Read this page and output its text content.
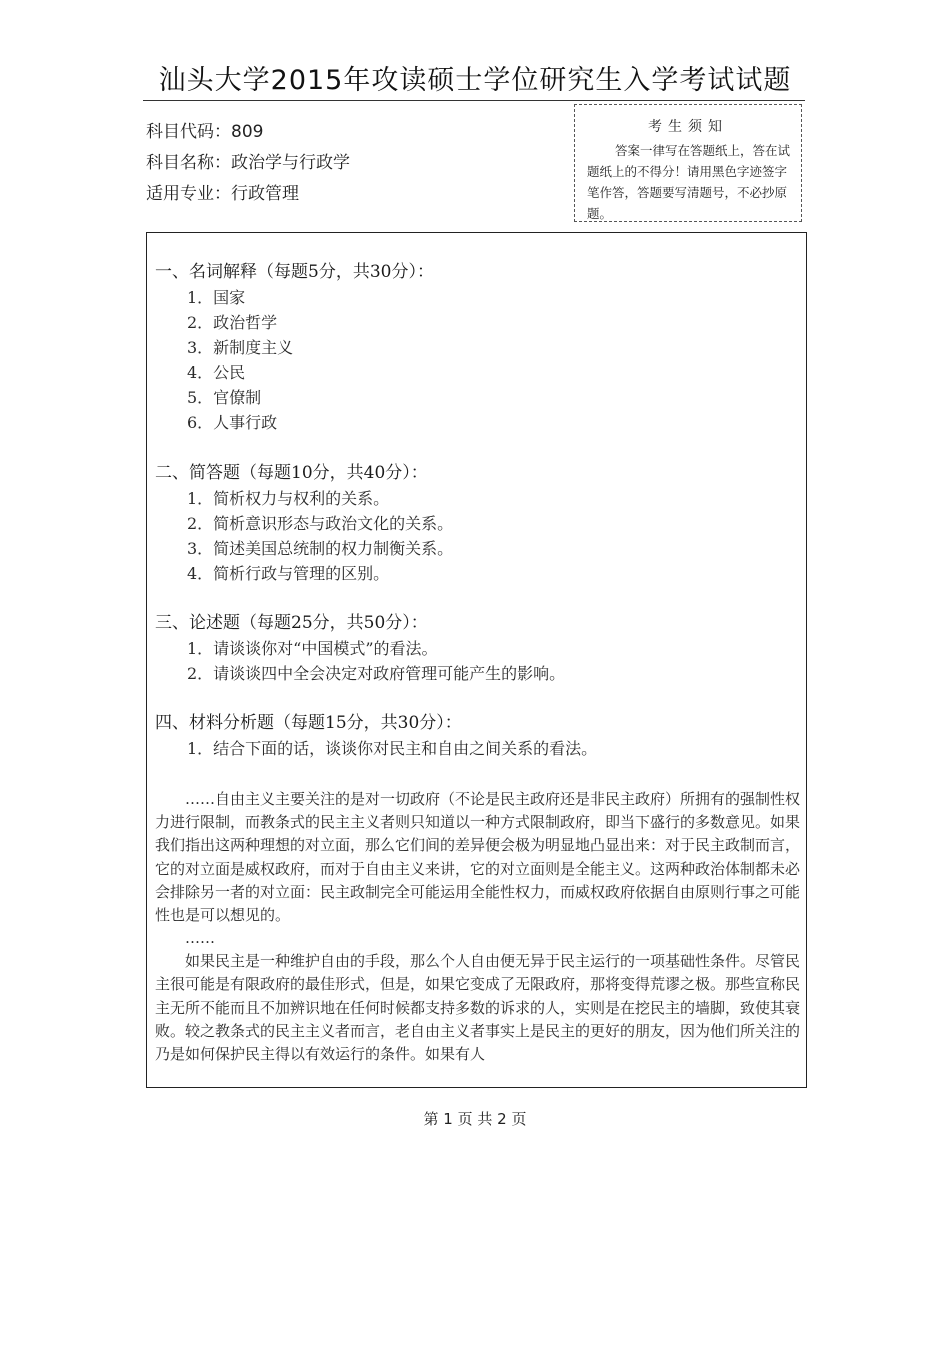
汕头大学2015年攻读硕士学位研究生入学考试试题
科目代码：809
科目名称：政治学与行政学
适用专业：行政管理
考生须知
答案一律写在答题纸上，答在试题纸上的不得分！请用黑色字迹签字笔作答，答题要写清题号，不必抄原题。
一、名词解释（每题5分，共30分）：
1．国家
2．政治哲学
3．新制度主义
4．公民
5．官僚制
6．人事行政
二、简答题（每题10分，共40分）：
1．简析权力与权利的关系。
2．简析意识形态与政治文化的关系。
3．简述美国总统制的权力制衡关系。
4．简析行政与管理的区别。
三、论述题（每题25分，共50分）：
1．请谈谈你对“中国模式”的看法。
2．请谈谈四中全会决定对政府管理可能产生的影响。
四、材料分析题（每题15分，共30分）：
1．结合下面的话，谈谈你对民主和自由之间关系的看法。

……自由主义主要关注的是对一切政府（不论是民主政府还是非民主政府）所拥有的强制性权力进行限制，而教条式的民主主义者则只知道以一种方式限制政府，即当下盛行的多数意见。如果我们指出这两种理想的对立面，那么它们间的差异便会极为明显地凸显出来：对于民主政制而言，它的对立面是威权政府，而对于自由主义来讲，它的对立面则是全能主义。这两种政治体制都未必会排除另一者的对立面：民主政制完全可能运用全能性权力，而威权政府依据自由原则行事之可能性也是可以想见的。

……

如果民主是一种维护自由的手段，那么个人自由便无异于民主运行的一项基础性条件。尽管民主很可能是有限政府的最佳形式，但是，如果它变成了无限政府，那将变得荒谬之极。那些宣称民主无所不能而且不加辨识地在任何时候都支持多数的诉求的人，实则是在挖民主的墙脚，致使其衰败。较之教条式的民主主义者而言，老自由主义者事实上是民主的更好的朋友，因为他们所关注的乃是如何保护民主得以有效运行的条件。如果有人

第 1 页 共 2 页
